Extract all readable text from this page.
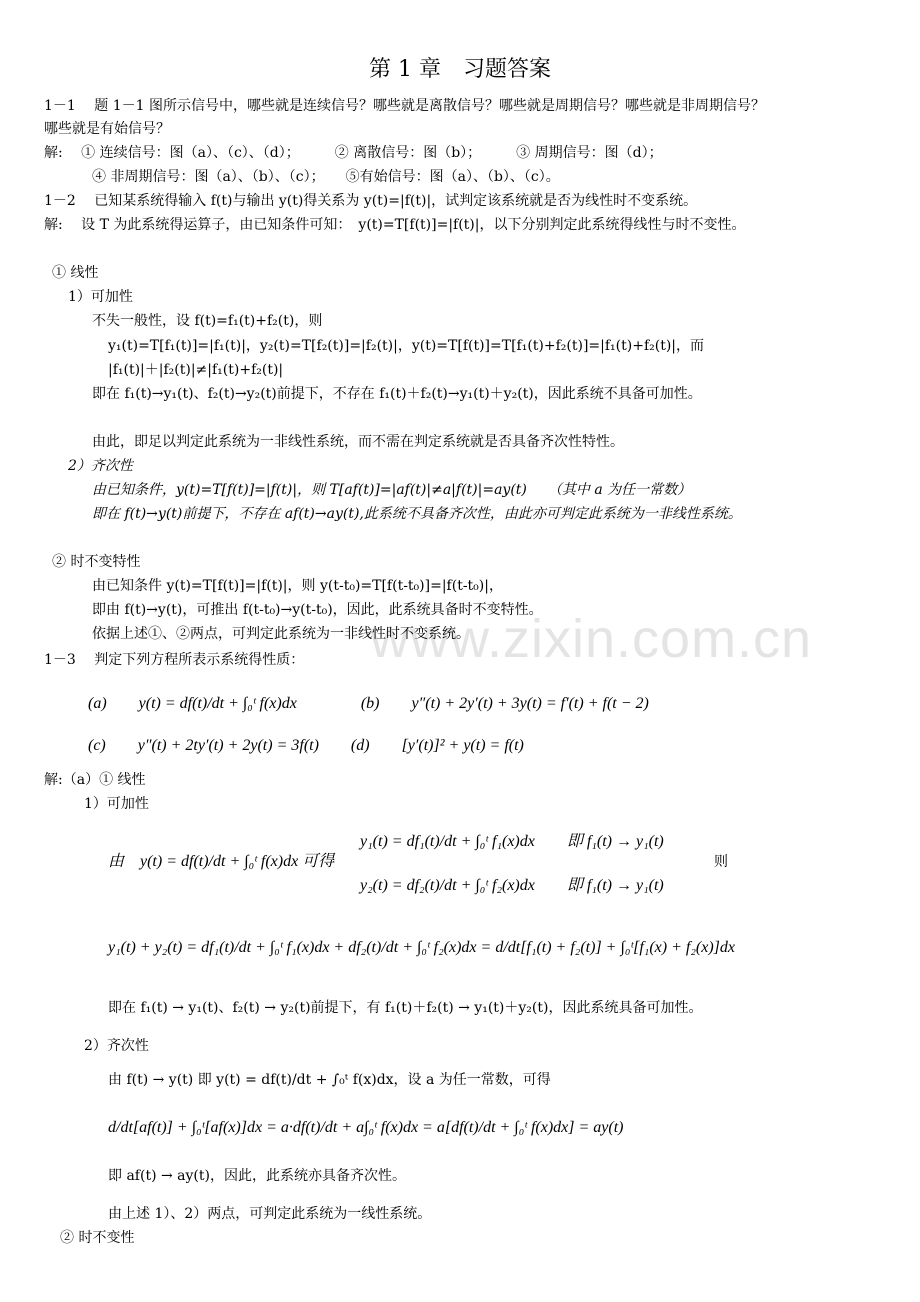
第 1 章　习题答案
www.zixin.com.cn
1－1　 题 1－1 图所示信号中，哪些就是连续信号？哪些就是离散信号？哪些就是周期信号？哪些就是非周期信号？
哪些就是有始信号？
解:　 ① 连续信号：图（a）、（c）、（d）；　　　② 离散信号：图（b）；　　　③ 周期信号：图（d）；
④ 非周期信号：图（a）、（b）、（c）；　　⑤有始信号：图（a）、（b）、（c）。
1－2　 已知某系统得输入 f(t)与输出 y(t)得关系为 y(t)=|f(t)|，试判定该系统就是否为线性时不变系统。
解:　 设 T 为此系统得运算子，由已知条件可知：　y(t)=T[f(t)]=|f(t)|，以下分别判定此系统得线性与时不变性。
① 线性
1）可加性
不失一般性，设 f(t)=f₁(t)+f₂(t)，则
y₁(t)=T[f₁(t)]=|f₁(t)|，y₂(t)=T[f₂(t)]=|f₂(t)|，y(t)=T[f(t)]=T[f₁(t)+f₂(t)]=|f₁(t)+f₂(t)|，而
|f₁(t)|＋|f₂(t)|≠|f₁(t)+f₂(t)|
即在 f₁(t)→y₁(t)、f₂(t)→y₂(t)前提下，不存在 f₁(t)＋f₂(t)→y₁(t)＋y₂(t)，因此系统不具备可加性。
由此，即足以判定此系统为一非线性系统，而不需在判定系统就是否具备齐次性特性。
2）齐次性
由已知条件，y(t)=T[f(t)]=|f(t)|，则 T[af(t)]=|af(t)|≠a|f(t)|=ay(t)　　（其中 a 为任一常数）
即在 f(t)→y(t)前提下，不存在 af(t)→ay(t),此系统不具备齐次性，由此亦可判定此系统为一非线性系统。
② 时不变特性
由已知条件 y(t)=T[f(t)]=|f(t)|，则 y(t-t₀)=T[f(t-t₀)]=|f(t-t₀)|，
即由 f(t)→y(t)，可推出 f(t-t₀)→y(t-t₀)，因此，此系统具备时不变特性。
依据上述①、②两点，可判定此系统为一非线性时不变系统。
1－3　 判定下列方程所表示系统得性质：
(a)　　y(t) = df(t)/dt + ∫₀ᵗ f(x)dx　　　　(b)　　y″(t) + 2y′(t) + 3y(t) = f′(t) + f(t − 2)
(c)　　y″(t) + 2ty′(t) + 2y(t) = 3f(t)　　(d)　　[y′(t)]² + y(t) = f(t)
解:（a）① 线性
1）可加性
由　y(t) = df(t)/dt + ∫₀ᵗ f(x)dx 可得
y₁(t) = df₁(t)/dt + ∫₀ᵗ f₁(x)dx　　即 f₁(t) → y₁(t)
y₂(t) = df₂(t)/dt + ∫₀ᵗ f₂(x)dx　　即 f₁(t) → y₁(t)
则
y₁(t) + y₂(t) = df₁(t)/dt + ∫₀ᵗ f₁(x)dx + df₂(t)/dt + ∫₀ᵗ f₂(x)dx = d/dt[f₁(t) + f₂(t)] + ∫₀ᵗ[f₁(x) + f₂(x)]dx
即在 f₁(t) → y₁(t)、f₂(t) → y₂(t)前提下，有 f₁(t)＋f₂(t) → y₁(t)＋y₂(t)，因此系统具备可加性。
2）齐次性
由 f(t) → y(t) 即 y(t) = df(t)/dt + ∫₀ᵗ f(x)dx，设 a 为任一常数，可得
d/dt[af(t)] + ∫₀ᵗ[af(x)]dx = a·df(t)/dt + a∫₀ᵗ f(x)dx = a[df(t)/dt + ∫₀ᵗ f(x)dx] = ay(t)
即 af(t) → ay(t)，因此，此系统亦具备齐次性。
由上述 1）、2）两点，可判定此系统为一线性系统。
② 时不变性
